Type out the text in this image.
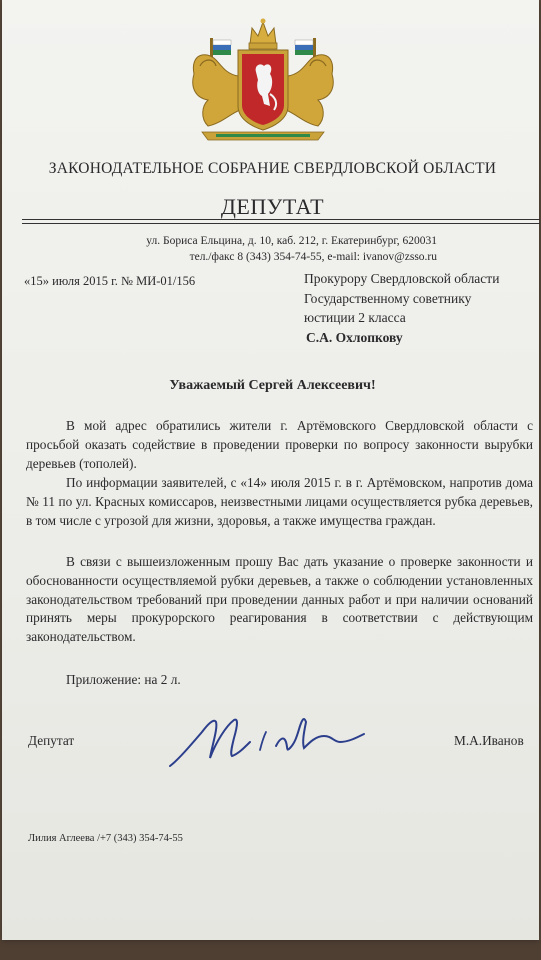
ЗАКОНОДАТЕЛЬНОЕ СОБРАНИЕ СВЕРДЛОВСКОЙ ОБЛАСТИ
ДЕПУТАТ
ул. Бориса Ельцина, д. 10, каб. 212, г. Екатеринбург, 620031
тел./факс 8 (343) 354-74-55, e-mail: ivanov@zsso.ru
«15» июля 2015 г. № МИ-01/156	Прокурору Свердловской области
Государственному советнику
юстиции 2 класса
С.А. Охлопкову
Уважаемый Сергей Алексеевич!
В мой адрес обратились жители г. Артёмовского Свердловской области с просьбой оказать содействие в проведении проверки по вопросу законности вырубки деревьев (тополей).
По информации заявителей, с «14» июля 2015 г. в г. Артёмовском, напротив дома № 11 по ул. Красных комиссаров, неизвестными лицами осуществляется рубка деревьев, в том числе с угрозой для жизни, здоровья, а также имущества граждан.
В связи с вышеизложенным прошу Вас дать указание о проверке законности и обоснованности осуществляемой рубки деревьев, а также о соблюдении установленных законодательством требований при проведении данных работ и при наличии оснований принять меры прокурорского реагирования в соответствии с действующим законодательством.
Приложение: на 2 л.
Депутат	М.А.Иванов
Лилия Аглеева /+7 (343) 354-74-55
